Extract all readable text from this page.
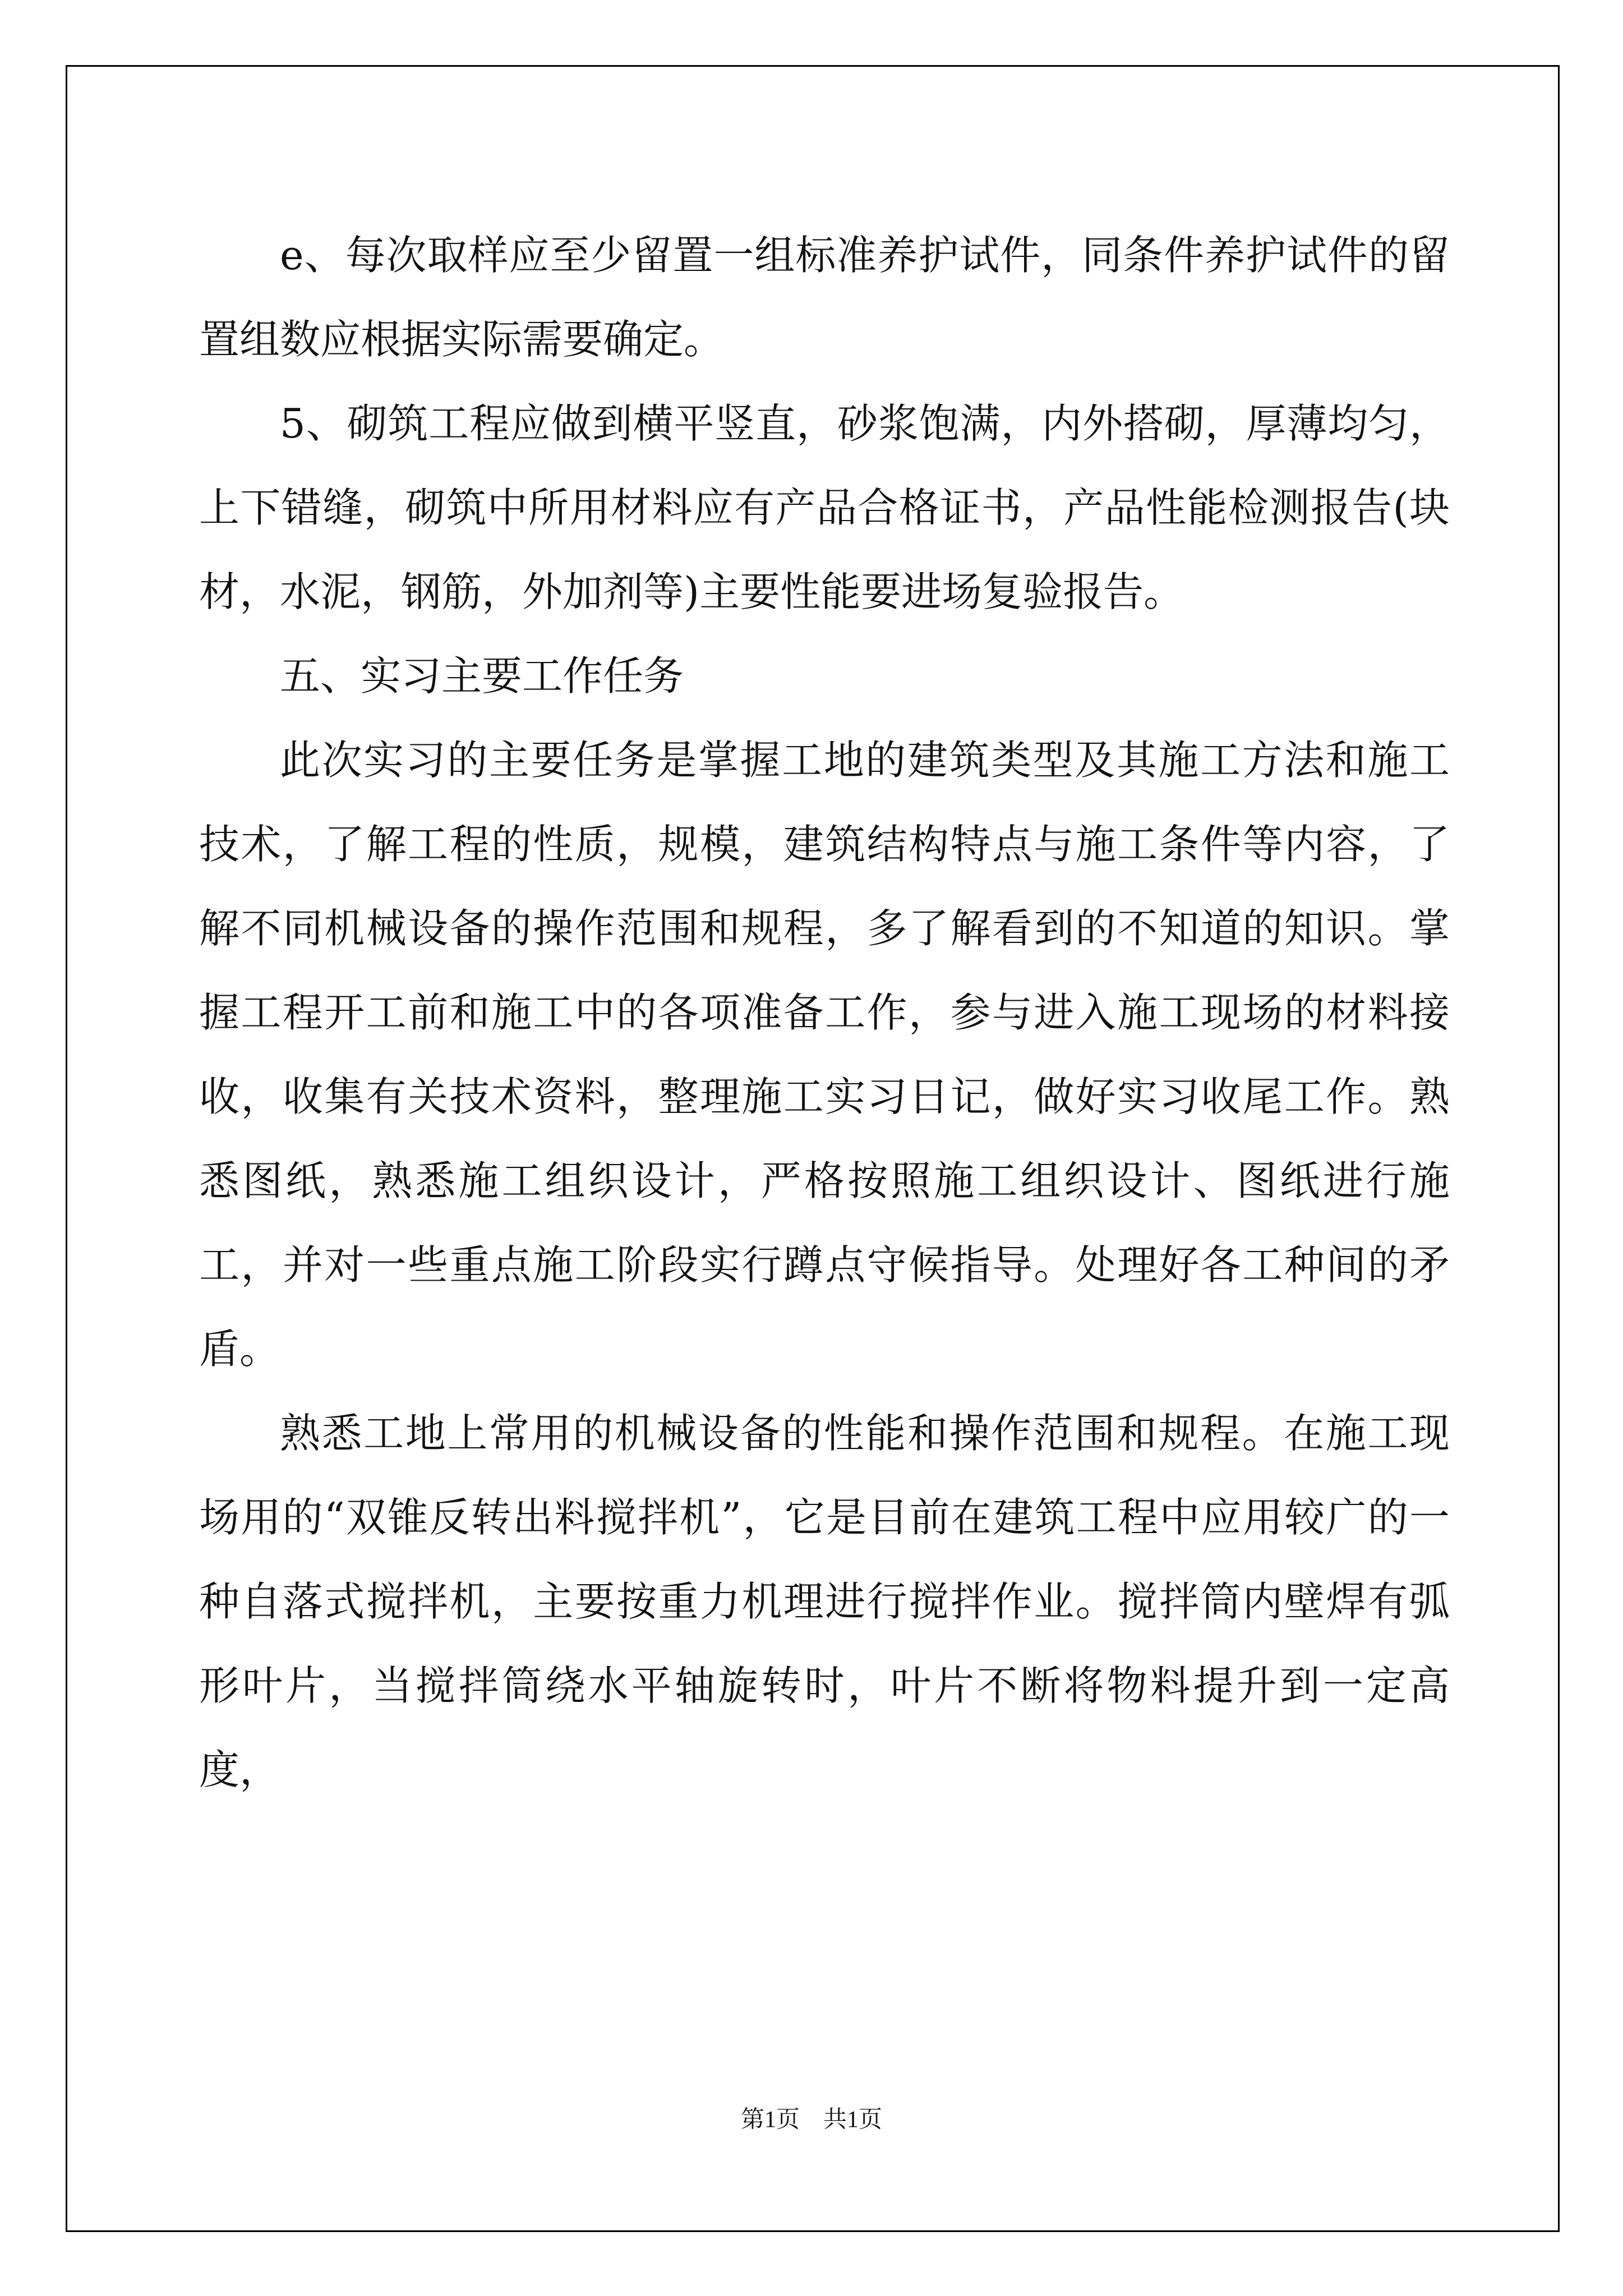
e、每次取样应至少留置一组标准养护试件，同条件养护试件的留置组数应根据实际需要确定。

5、砌筑工程应做到横平竖直，砂浆饱满，内外搭砌，厚薄均匀，上下错缝，砌筑中所用材料应有产品合格证书，产品性能检测报告(块材，水泥，钢筋，外加剂等)主要性能要进场复验报告。

五、实习主要工作任务

此次实习的主要任务是掌握工地的建筑类型及其施工方法和施工技术，了解工程的性质，规模，建筑结构特点与施工条件等内容，了解不同机械设备的操作范围和规程，多了解看到的不知道的知识。掌握工程开工前和施工中的各项准备工作，参与进入施工现场的材料接收，收集有关技术资料，整理施工实习日记，做好实习收尾工作。熟悉图纸，熟悉施工组织设计，严格按照施工组织设计、图纸进行施工，并对一些重点施工阶段实行蹲点守候指导。处理好各工种间的矛盾。

熟悉工地上常用的机械设备的性能和操作范围和规程。在施工现场用的“双锥反转出料搅拌机”，它是目前在建筑工程中应用较广的一种自落式搅拌机，主要按重力机理进行搅拌作业。搅拌筒内壁焊有弧形叶片，当搅拌筒绕水平轴旋转时，叶片不断将物料提升到一定高度，

第1页　共1页
